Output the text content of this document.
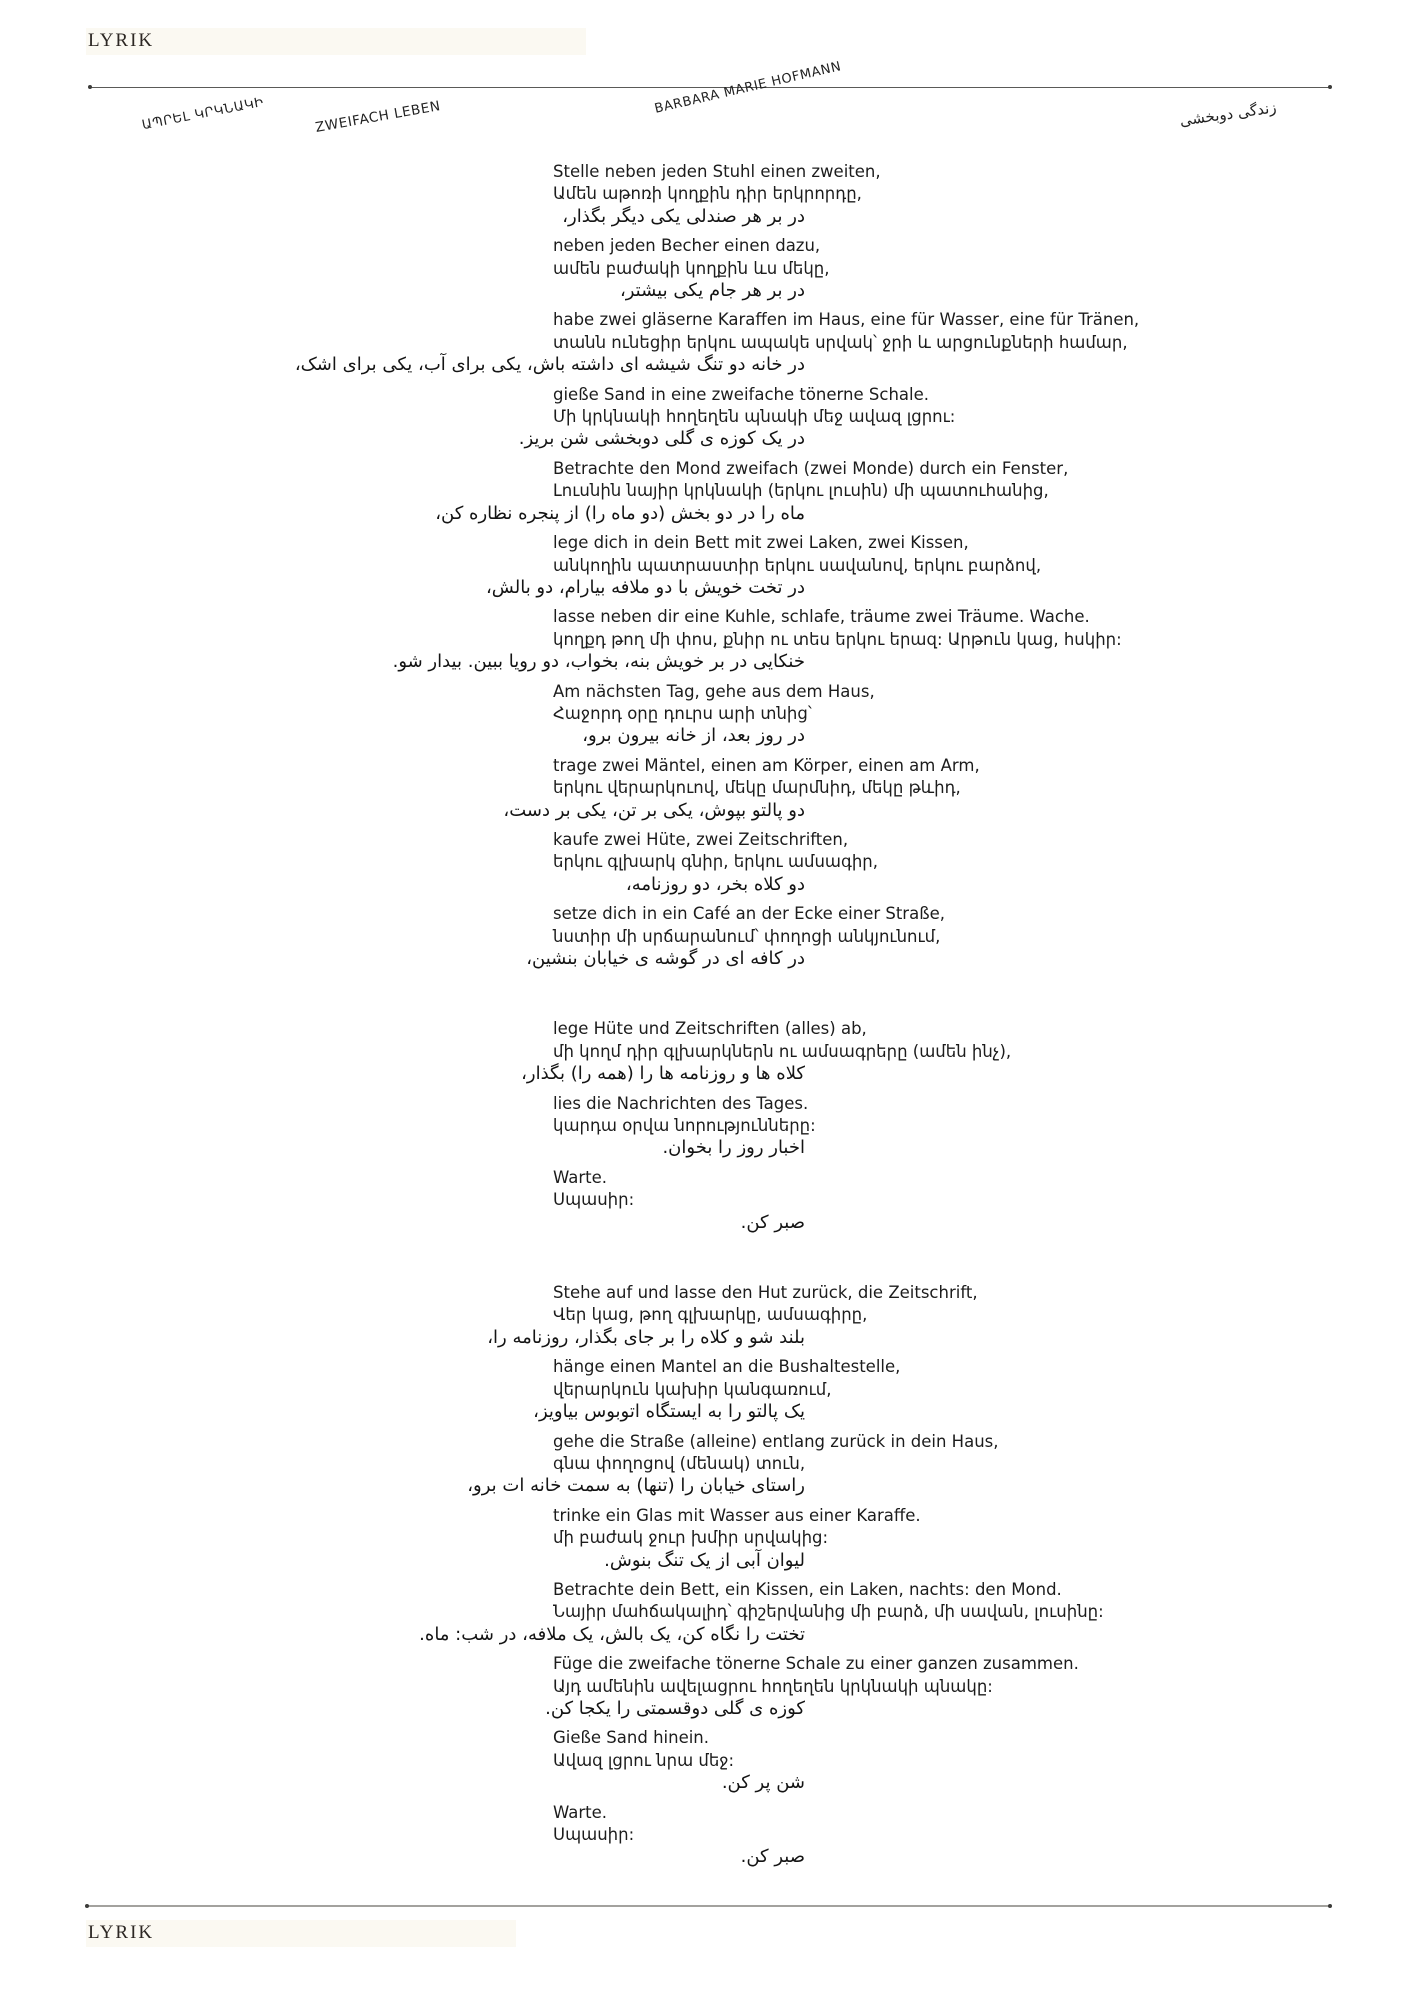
LYRIK
ԱՊՐԵԼ ԿՐԿՆԱԿԻ	ZWEIFACH LEBEN
BARBARA MARIE HOFMANN	زندگی دوبخشی
Stelle neben jeden Stuhl einen zweiten,
Ամեն աթոռի կողքին դիր երկրորդը,
در بر هر صندلی یکی دیگر بگذار،
neben jeden Becher einen dazu,
ամեն բաժակի կողքին ևս մեկը,
در بر هر جام یکی بیشتر،
habe zwei gläserne Karaffen im Haus, eine für Wasser, eine für Tränen,
տանն ունեցիր երկու ապակե սրվակ՝ ջրի և արցունքների համար,
در خانه دو تنگ شیشه ای داشته باش، یکی برای آب، یکی برای اشک،
gieße Sand in eine zweifache tönerne Schale.
Մի կրկնակի հողեղեն պնակի մեջ ավազ լցրու:
در یک کوزه ی گلی دوبخشی شن بریز.
Betrachte den Mond zweifach (zwei Monde) durch ein Fenster,
Լուսնին նայիր կրկնակի (երկու լուսին) մի պատուհանից,
ماه را در دو بخش (دو ماه را) از پنجره نظاره کن،
lege dich in dein Bett mit zwei Laken, zwei Kissen,
անկողին պատրաստիր երկու սավանով, երկու բարձով,
در تخت خویش با دو ملافه بیارام، دو بالش،
lasse neben dir eine Kuhle, schlafe, träume zwei Träume. Wache.
կողքդ թող մի փոս, քնիր ու տես երկու երազ: Արթուն կաց, հսկիր:
خنکایی در بر خویش بنه، بخواب، دو رویا ببین. بیدار شو.
Am nächsten Tag, gehe aus dem Haus,
Հաջորդ օրը դուրս արի տնից՝
در روز بعد، از خانه بیرون برو،
trage zwei Mäntel, einen am Körper, einen am Arm,
երկու վերարկուով, մեկը մարմնիդ, մեկը թևիդ,
دو پالتو بپوش، یکی بر تن، یکی بر دست،
kaufe zwei Hüte, zwei Zeitschriften,
երկու գլխարկ գնիր, երկու ամսագիր,
دو کلاه بخر، دو روزنامه،
setze dich in ein Café an der Ecke einer Straße,
նստիր մի սրճարանում՝ փողոցի անկյունում,
در کافه ای در گوشه ی خیابان بنشین،
lege Hüte und Zeitschriften (alles) ab,
մի կողմ դիր գլխարկներն ու ամսագրերը (ամեն ինչ),
کلاه ها و روزنامه ها را (همه را) بگذار،
lies die Nachrichten des Tages.
կարդա օրվա նորությունները:
اخبار روز را بخوان.
Warte.
Սպասիր:
صبر کن.
Stehe auf und lasse den Hut zurück, die Zeitschrift,
Վեր կաց, թող գլխարկը, ամսագիրը,
بلند شو و کلاه را بر جای بگذار، روزنامه را،
hänge einen Mantel an die Bushaltestelle,
վերարկուն կախիր կանգառում,
یک پالتو را به ایستگاه اتوبوس بیاویز،
gehe die Straße (alleine) entlang zurück in dein Haus,
գնա փողոցով (մենակ) տուն,
راستای خیابان را (تنها) به سمت خانه ات برو،
trinke ein Glas mit Wasser aus einer Karaffe.
մի բաժակ ջուր խմիր սրվակից:
لیوان آبی از یک تنگ بنوش.
Betrachte dein Bett, ein Kissen, ein Laken, nachts: den Mond.
Նայիր մահճակալիդ՝ գիշերվանից մի բարձ, մի սավան, լուսինը:
تختت را نگاه کن، یک بالش، یک ملافه، در شب: ماه.
Füge die zweifache tönerne Schale zu einer ganzen zusammen.
Այդ ամենին ավելացրու հողեղեն կրկնակի պնակը:
کوزه ی گلی دوقسمتی را یکجا کن.
Gieße Sand hinein.
Ավազ լցրու նրա մեջ:
شن پر کن.
Warte.
Սպասիր:
صبر کن.
LYRIK
